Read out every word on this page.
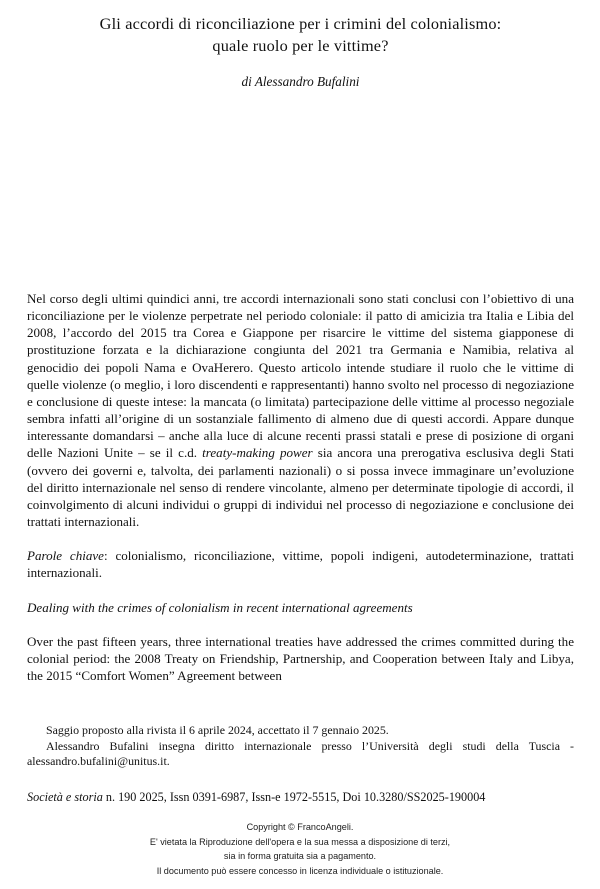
Gli accordi di riconciliazione per i crimini del colonialismo:
quale ruolo per le vittime?

di Alessandro Bufalini

Nel corso degli ultimi quindici anni, tre accordi internazionali sono stati conclusi con l’obiettivo di una riconciliazione per le violenze perpetrate nel periodo coloniale: il patto di amicizia tra Italia e Libia del 2008, l’accordo del 2015 tra Corea e Giappone per risarcire le vittime del sistema giapponese di prostituzione forzata e la dichiarazione congiunta del 2021 tra Germania e Namibia, relativa al genocidio dei popoli Nama e OvaHerero. Questo articolo intende studiare il ruolo che le vittime di quelle violenze (o meglio, i loro discendenti e rappresentanti) hanno svolto nel processo di negoziazione e conclusione di queste intese: la mancata (o limitata) partecipazione delle vittime al processo negoziale sembra infatti all’origine di un sostanziale fallimento di almeno due di questi accordi. Appare dunque interessante domandarsi – anche alla luce di alcune recenti prassi statali e prese di posizione di organi delle Nazioni Unite – se il c.d. treaty-making power sia ancora una prerogativa esclusiva degli Stati (ovvero dei governi e, talvolta, dei parlamenti nazionali) o si possa invece immaginare un’evoluzione del diritto internazionale nel senso di rendere vincolante, almeno per determinate tipologie di accordi, il coinvolgimento di alcuni individui o gruppi di individui nel processo di negoziazione e conclusione dei trattati internazionali.

Parole chiave: colonialismo, riconciliazione, vittime, popoli indigeni, autodeterminazione, trattati internazionali.

Dealing with the crimes of colonialism in recent international agreements

Over the past fifteen years, three international treaties have addressed the crimes committed during the colonial period: the 2008 Treaty on Friendship, Partnership, and Cooperation between Italy and Libya, the 2015 “Comfort Women” Agreement between

Saggio proposto alla rivista il 6 aprile 2024, accettato il 7 gennaio 2025.

Alessandro Bufalini insegna diritto internazionale presso l’Università degli studi della Tuscia - alessandro.bufalini@unitus.it.

Società e storia n. 190 2025, Issn 0391-6987, Issn-e 1972-5515, Doi 10.3280/SS2025-190004

Copyright © FrancoAngeli.
E' vietata la Riproduzione dell'opera e la sua messa a disposizione di terzi,
sia in forma gratuita sia a pagamento.
Il documento può essere concesso in licenza individuale o istituzionale.
